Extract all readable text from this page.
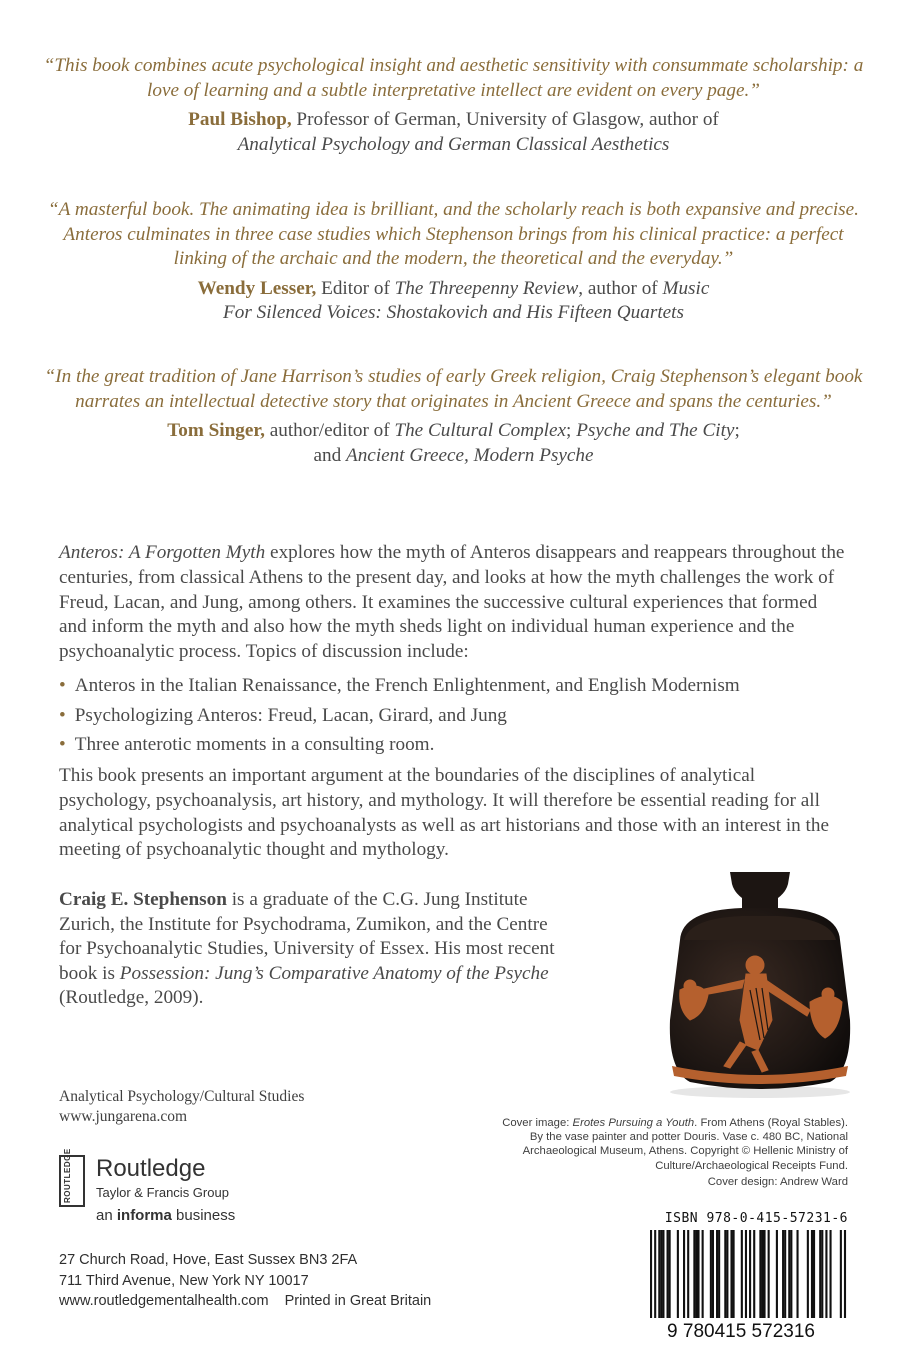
“This book combines acute psychological insight and aesthetic sensitivity with consummate scholarship: a love of learning and a subtle interpretative intellect are evident on every page.”
Paul Bishop, Professor of German, University of Glasgow, author of
Analytical Psychology and German Classical Aesthetics
“A masterful book. The animating idea is brilliant, and the scholarly reach is both expansive and precise. Anteros culminates in three case studies which Stephenson brings from his clinical practice: a perfect linking of the archaic and the modern, the theoretical and the everyday.”
Wendy Lesser, Editor of The Threepenny Review, author of Music
For Silenced Voices: Shostakovich and His Fifteen Quartets
“In the great tradition of Jane Harrison’s studies of early Greek religion, Craig Stephenson’s elegant book narrates an intellectual detective story that originates in Ancient Greece and spans the centuries.”
Tom Singer, author/editor of The Cultural Complex; Psyche and The City;
and Ancient Greece, Modern Psyche
Anteros: A Forgotten Myth explores how the myth of Anteros disappears and reappears throughout the centuries, from classical Athens to the present day, and looks at how the myth challenges the work of Freud, Lacan, and Jung, among others. It examines the successive cultural experiences that formed and inform the myth and also how the myth sheds light on individual human experience and the psychoanalytic process. Topics of discussion include:
• Anteros in the Italian Renaissance, the French Enlightenment, and English Modernism
• Psychologizing Anteros: Freud, Lacan, Girard, and Jung
• Three anterotic moments in a consulting room.
This book presents an important argument at the boundaries of the disciplines of analytical psychology, psychoanalysis, art history, and mythology. It will therefore be essential reading for all analytical psychologists and psychoanalysts as well as art historians and those with an interest in the meeting of psychoanalytic thought and mythology.
Craig E. Stephenson is a graduate of the C.G. Jung Institute Zurich, the Institute for Psychodrama, Zumikon, and the Centre for Psychoanalytic Studies, University of Essex. His most recent book is Possession: Jung’s Comparative Anatomy of the Psyche (Routledge, 2009).
Analytical Psychology/Cultural Studies
www.jungarena.com	Cover image: Erotes Pursuing a Youth. From Athens (Royal Stables). By the vase painter and potter Douris. Vase c. 480 BC, National Archaeological Museum, Athens. Copyright © Hellenic Ministry of Culture/Archaeological Receipts Fund.
Cover design: Andrew Ward
ROUTLEDGE Routledge
Taylor & Francis Group
an informa business
27 Church Road, Hove, East Sussex BN3 2FA
711 Third Avenue, New York NY 10017
www.routledgementalhealth.com Printed in Great Britain
ISBN 978-0-415-57231-6
9 780415 572316
